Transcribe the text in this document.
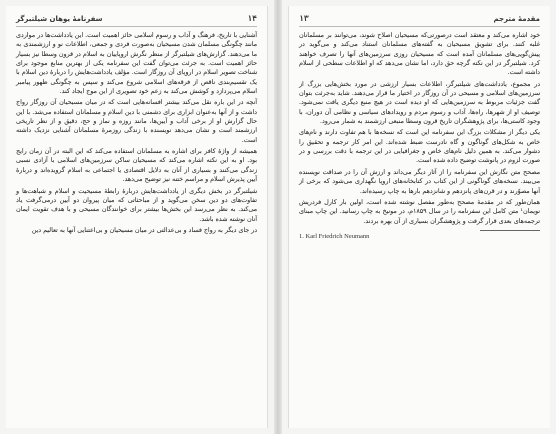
۱۴
سفرنامهٔ یوهان شیلتبرگر

آشنایی با تاریخ، فرهنگ و آداب و رسوم اسلامی حائز اهمیت است. این یادداشت‌ها در مواردی مانند چگونگی مسلمان شدن مسیحیان به‌صورت فردی و جمعی، اطلاعات نو و ارزشمندی به ما می‌دهند. گزارش‌های شیلتبرگر از منظر نگرش اروپاییان به اسلام در قرون وسطا نیز بسیار حائز اهمیت است. به جرئت می‌توان گفت این سفرنامه یکی از بهترین منابع موجود برای شناخت تصویر اسلام در اروپای آن روزگار است. مؤلف یادداشت‌هایش را دربارهٔ دین اسلام با یک تقسیم‌بندی ناقص از فرقه‌های اسلامی شروع می‌کند و سپس به چگونگی ظهور پیامبر اسلام می‌پردازد و کوشش می‌کند به زعم خود تصویری از این موج ایجاد کند.

آنچه در این باره نقل می‌کند بیشتر افسانه‌هایی است که در میان مسیحیان آن روزگار رواج داشت و از آنها به‌عنوان ابزاری برای دشمنی با دین اسلام و مسلمانان استفاده می‌شد. با این حال گزارش او از برخی آداب و آیین‌ها، مانند روزه و نماز و حج، دقیق و از نظر تاریخی ارزشمند است و نشان می‌دهد نویسنده با زندگی روزمرهٔ مسلمانان آشنایی نزدیک داشته است.

همیشه از واژهٔ کافر برای اشاره به مسلمانان استفاده می‌کند که این البته در آن زمان رایج بود. او به این نکته اشاره می‌کند که مسیحیان ساکن سرزمین‌های اسلامی با آزادی نسبی زندگی می‌کنند و بسیاری از آنان به دلایل اقتصادی یا اجتماعی به اسلام گرویده‌اند و دربارهٔ آیین پذیرش اسلام و مراسم ختنه نیز توضیح می‌دهد.

شیلتبرگر در بخش دیگری از یادداشت‌هایش دربارهٔ رابطهٔ مسیحیت و اسلام و شباهت‌ها و تفاوت‌های دو دین سخن می‌گوید و از مباحثاتی که میان پیروان دو آیین درمی‌گرفت یاد می‌کند. به نظر می‌رسد این بخش‌ها بیشتر برای خوانندگان مسیحی و با هدف تقویت ایمان آنان نوشته شده باشد.

در جای دیگر به رواج فساد و بی‌عدالتی در میان مسیحیان و بی‌اعتنایی آنها به تعالیم دین

مقدمهٔ مترجم
۱۳

خود اشاره می‌کند و معتقد است درصورتی‌که مسیحیان اصلاح شوند، می‌توانند بر مسلمانان غلبه کنند. برای تشویق مسیحیان به گفته‌های مسلمانان استناد می‌کند و می‌گوید در پیش‌گویی‌های مسلمانان آمده است که مسیحیان روزی سرزمین‌های آنها را تصرف خواهند کرد. شیلتبرگر در این نکته گرچه حق دارد، اما نشان می‌دهد که او اطلاعات سطحی از اسلام داشته است.

در مجموع، یادداشت‌های شیلتبرگر، اطلاعات بسیار ارزشی در مورد بخش‌هایی بزرگ از سرزمین‌های اسلامی و مسیحی در آن روزگار در اختیار ما قرار می‌دهند. شاید به‌جرئت بتوان گفت جزئیات مربوط به سرزمین‌هایی که او دیده است در هیچ منبع دیگری یافت نمی‌شود. توصیف او از شهرها، راه‌ها، آداب و رسوم مردم و رویدادهای سیاسی و نظامی آن دوران، با وجود کاستی‌ها، برای پژوهشگران تاریخ قرون وسطا منبعی ارزشمند به شمار می‌رود.

یکی دیگر از مشکلات بزرگ این سفرنامه این است که نسخه‌ها با هم تفاوت دارند و نام‌های خاص به شکل‌های گوناگون و گاه نادرست ضبط شده‌اند. این امر کار ترجمه و تحقیق را دشوار می‌کند. به همین دلیل نام‌های خاص و جغرافیایی در این ترجمه با دقت بررسی و در صورت لزوم در پانوشت توضیح داده شده است.

مصحح متن نگارش این سفرنامه را از آثار دیگر می‌داند و ارزش آن را در صداقت نویسنده می‌بیند. نسخه‌های گوناگونی از این کتاب در کتابخانه‌های اروپا نگهداری می‌شود که برخی از آنها مصوّرند و در قرن‌های پانزدهم و شانزدهم بارها به چاپ رسیده‌اند.

همان‌طور که در مقدمهٔ مصحح به‌طور مفصل نوشته شده است، اولین بار کارل فردریش نویمان¹ متن کامل این سفرنامه را در سال ۱۸۵۹م، در مونیخ به چاپ رسانید. این چاپ مبنای ترجمه‌های بعدی قرار گرفت و پژوهشگران بسیاری از آن بهره بردند.

1. Karl Friedrich Neumann
